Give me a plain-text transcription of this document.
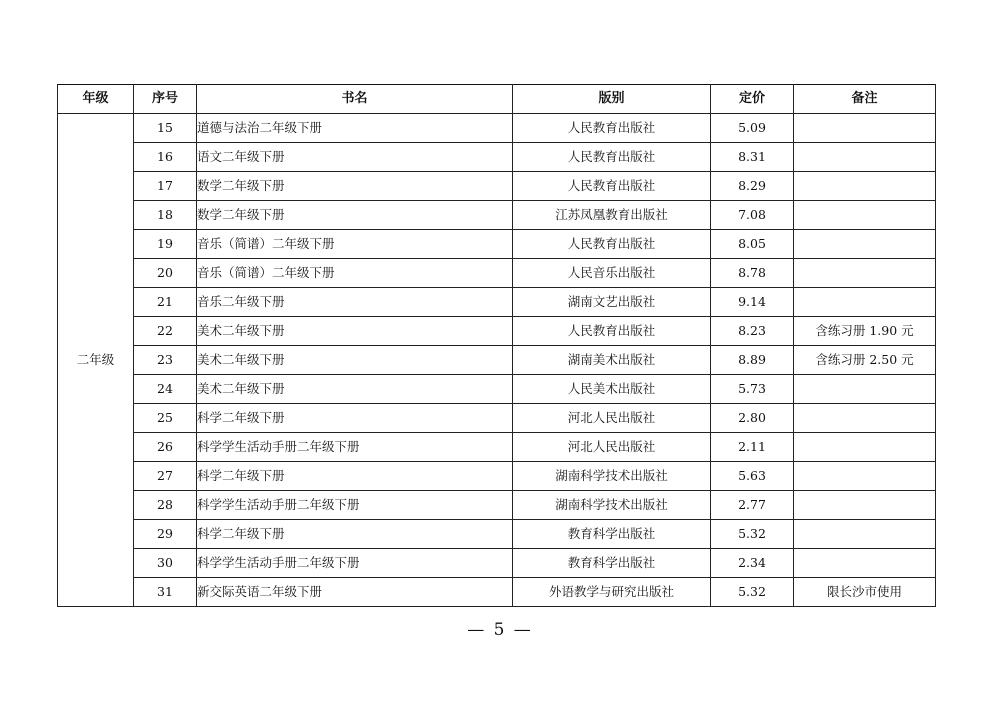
年级	序号	书名	版别	定价	备注
二年级	15	道德与法治二年级下册	人民教育出版社	5.09	
	16	语文二年级下册	人民教育出版社	8.31	
	17	数学二年级下册	人民教育出版社	8.29	
	18	数学二年级下册	江苏凤凰教育出版社	7.08	
	19	音乐（简谱）二年级下册	人民教育出版社	8.05	
	20	音乐（简谱）二年级下册	人民音乐出版社	8.78	
	21	音乐二年级下册	湖南文艺出版社	9.14	
	22	美术二年级下册	人民教育出版社	8.23	含练习册 1.90 元
	23	美术二年级下册	湖南美术出版社	8.89	含练习册 2.50 元
	24	美术二年级下册	人民美术出版社	5.73	
	25	科学二年级下册	河北人民出版社	2.80	
	26	科学学生活动手册二年级下册	河北人民出版社	2.11	
	27	科学二年级下册	湖南科学技术出版社	5.63	
	28	科学学生活动手册二年级下册	湖南科学技术出版社	2.77	
	29	科学二年级下册	教育科学出版社	5.32	
	30	科学学生活动手册二年级下册	教育科学出版社	2.34	
	31	新交际英语二年级下册	外语教学与研究出版社	5.32	限长沙市使用
— 5 —
